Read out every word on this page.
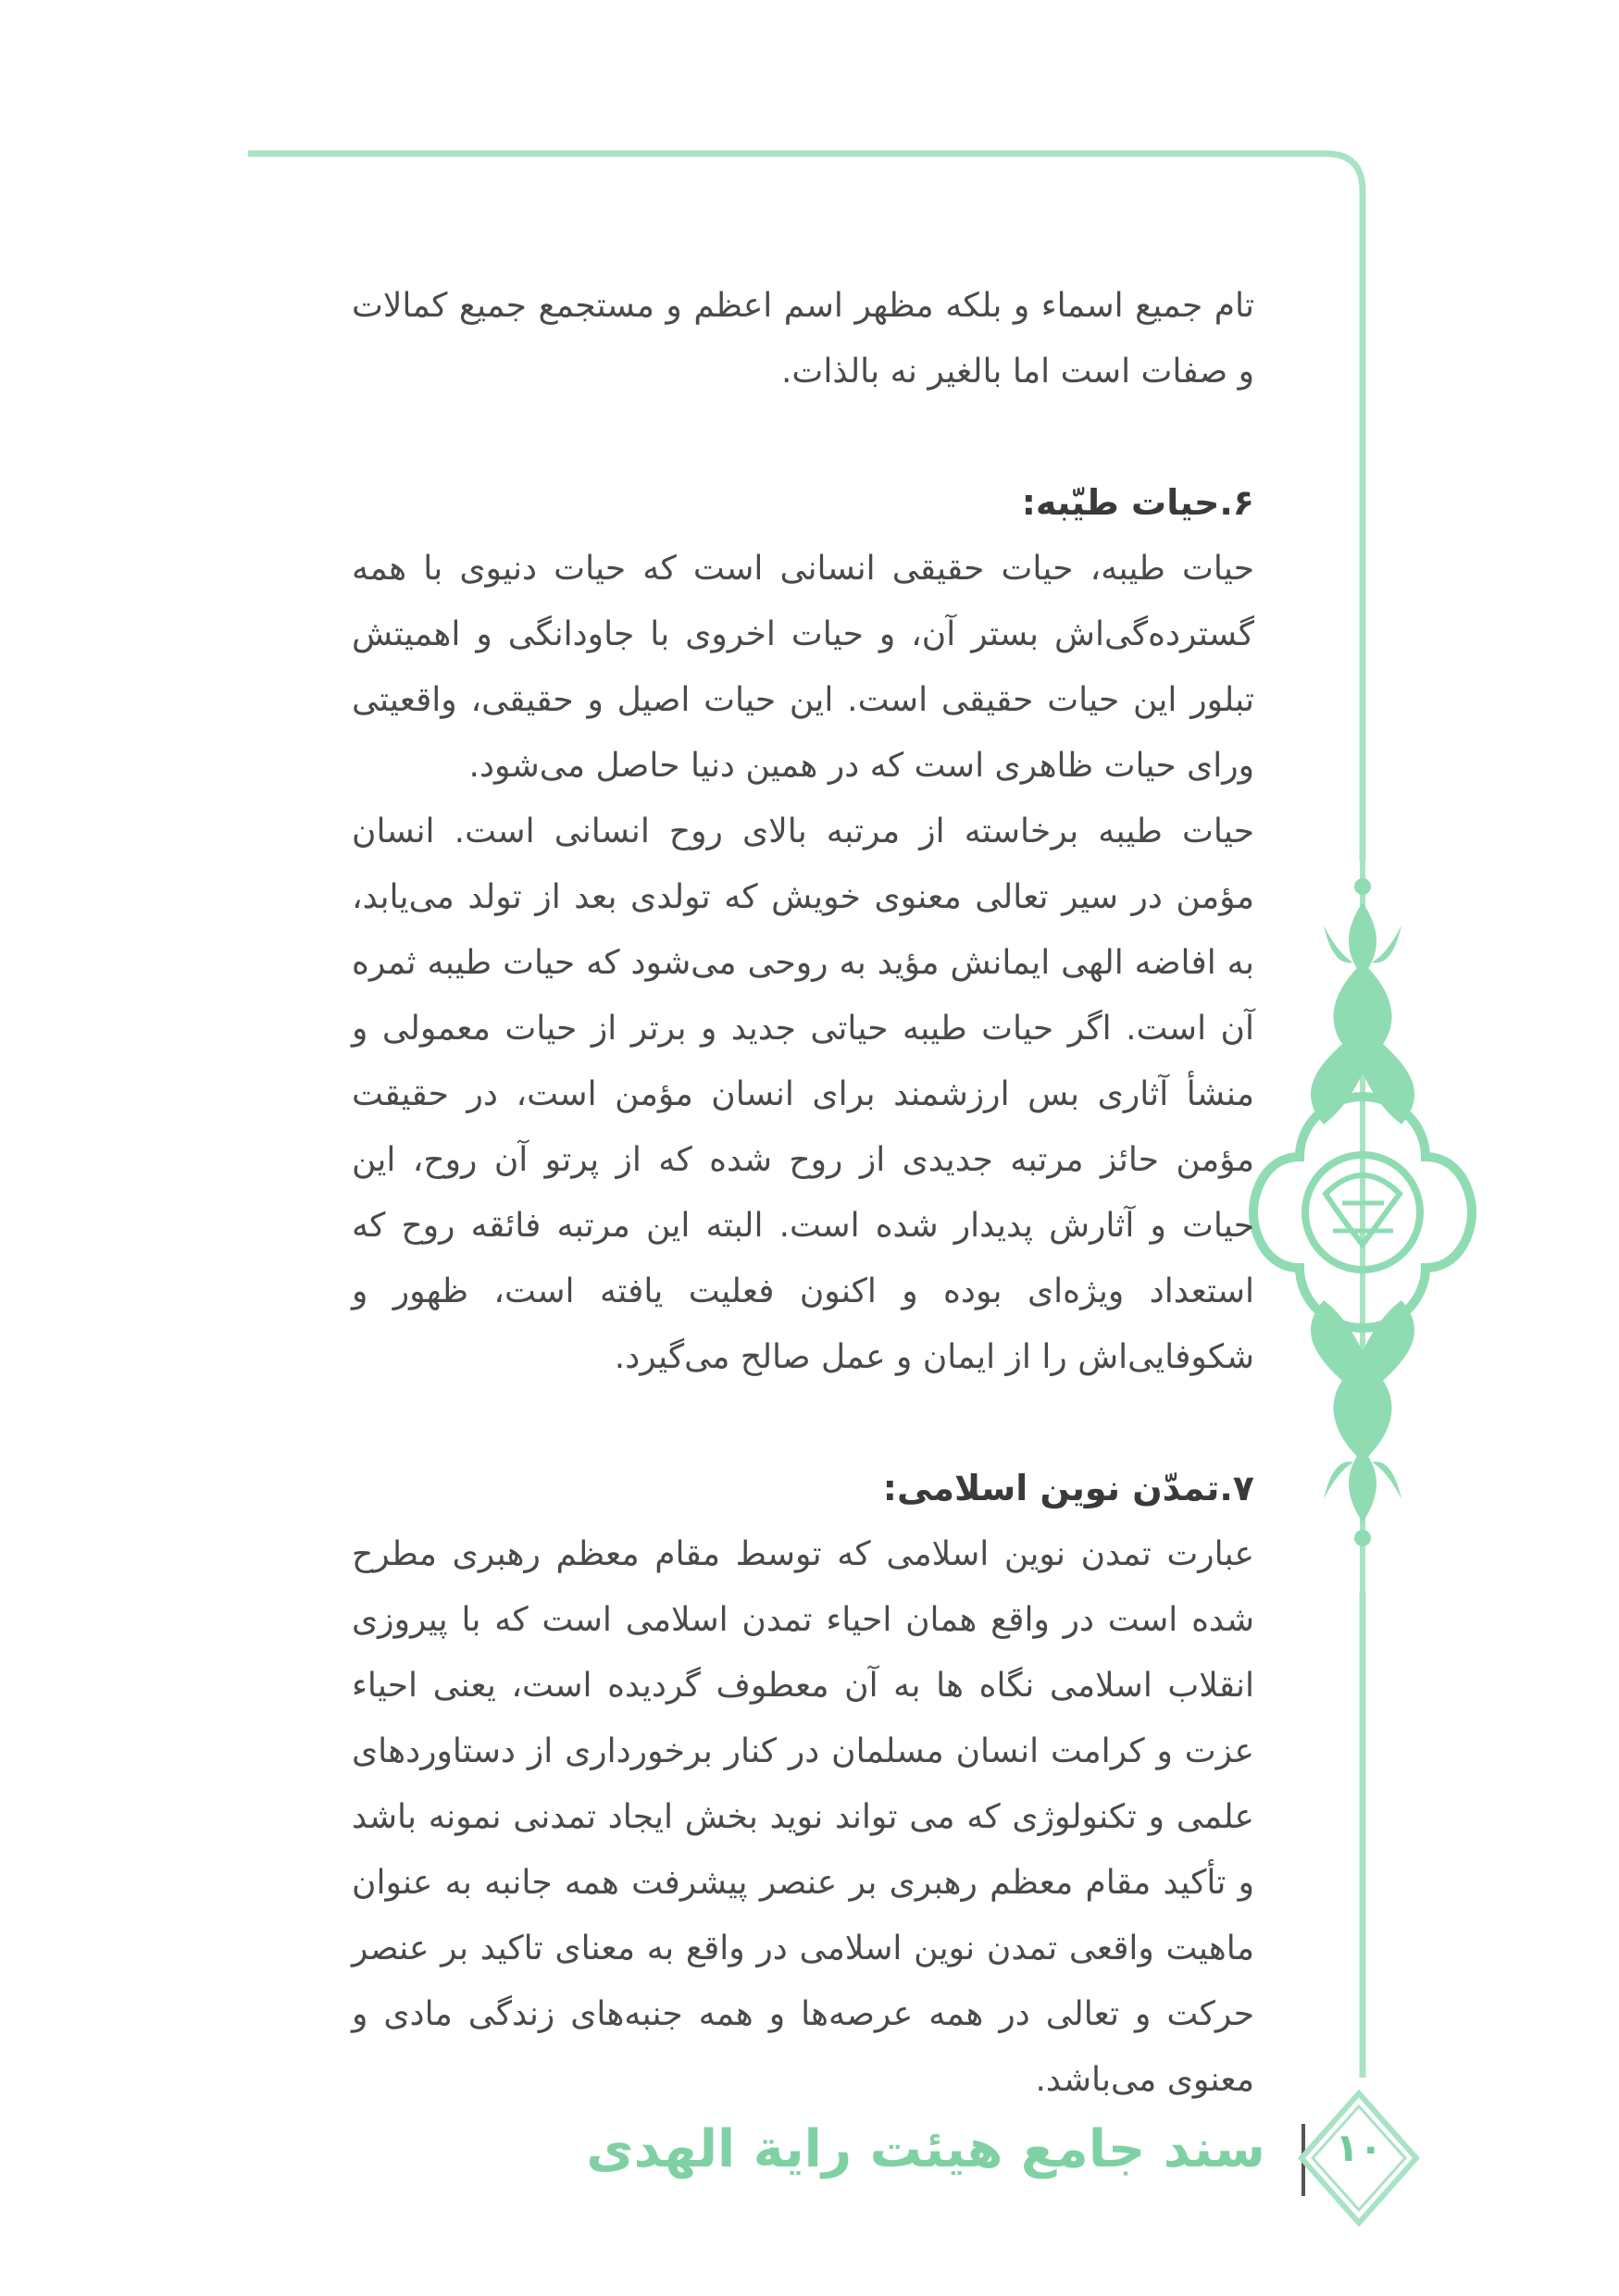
۱۰
سند جامع هیئت رایة الهدی

تام جمیع اسماء و بلکه مظهر اسم اعظم و مستجمع جمیع کمالات و صفات است اما بالغیر نه بالذات.

۶.حیات طیّبه:

حیات طیبه، حیات حقیقی انسانی است که حیات دنیوی با همه گسترده‌گی‌اش بستر آن، و حیات اخروی با جاودانگی و اهمیتش تبلور این حیات حقیقی است. این حیات اصیل و حقیقی، واقعیتی ورای حیات ظاهری است که در همین دنیا حاصل می‌شود.

حیات طیبه برخاسته از مرتبه بالای روح انسانی است. انسان مؤمن در سیر تعالی معنوی خویش که تولدی بعد از تولد می‌یابد، به افاضه الهی ایمانش مؤید به روحی می‌شود که حیات طیبه ثمره آن است. اگر حیات طیبه حیاتی جدید و برتر از حیات معمولی و منشأ آثاری بس ارزشمند برای انسان مؤمن است، در حقیقت مؤمن حائز مرتبه جدیدی از روح شده که از پرتو آن روح، این حیات و آثارش پدیدار شده است. البته این مرتبه فائقه روح که استعداد ویژه‌ای بوده و اکنون فعلیت یافته است، ظهور و شکوفایی‌اش را از ایمان و عمل صالح می‌گیرد.

۷.تمدّن نوین اسلامی:

عبارت تمدن نوین اسلامی که توسط مقام معظم رهبری مطرح شده است در واقع همان احیاء تمدن اسلامی است که با پیروزی انقلاب اسلامی نگاه ها به آن معطوف گردیده است، یعنی احیاء عزت و کرامت انسان مسلمان در کنار برخورداری از دستاوردهای علمی و تکنولوژی که می تواند نوید بخش ایجاد تمدنی نمونه باشد و تأکید مقام معظم رهبری بر عنصر پیشرفت همه جانبه به عنوان ماهیت واقعی تمدن نوین اسلامی در واقع به معنای تاکید بر عنصر حرکت و تعالی در همه عرصه‌ها و همه جنبه‌های زندگی مادی و معنوی می‌باشد.
